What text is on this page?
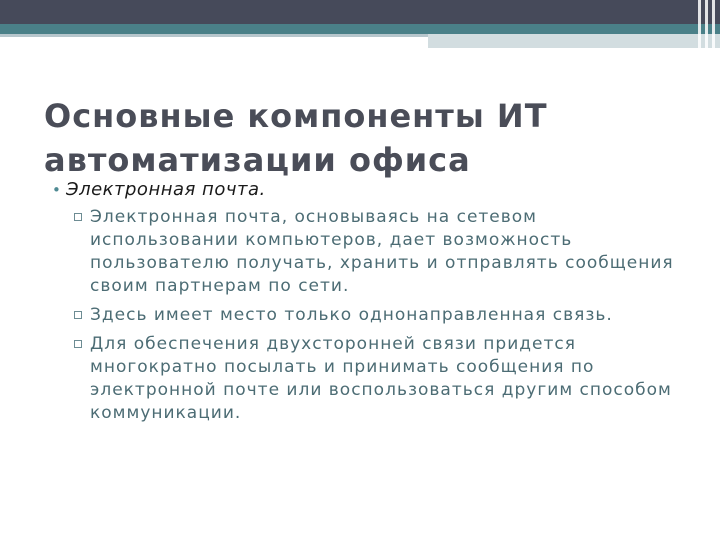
Основные компоненты ИТ автоматизации офиса
• Электронная почта.
Электронная почта, основываясь на сетевом использовании компьютеров, дает возможность пользователю получать, хранить и отправлять сообщения своим партнерам по сети.
Здесь имеет место только однонаправленная связь.
Для обеспечения двухсторонней связи придется многократно посылать и принимать сообщения по электронной почте или воспользоваться другим способом коммуникации.
